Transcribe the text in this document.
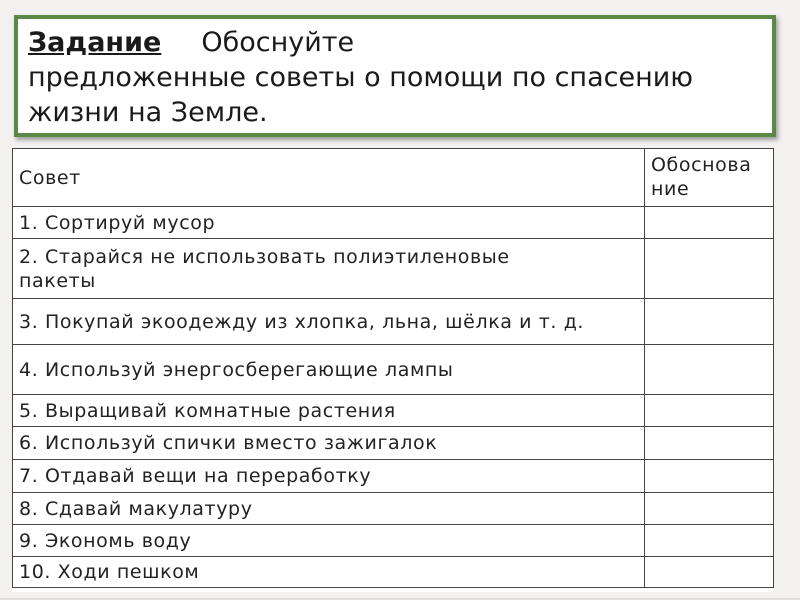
Задание Обоснуйте
предложенные советы о помощи по спасению жизни на Земле.
Совет	Обоснова
ние
1. Сортируй мусор	
2. Старайся не использовать полиэтиленовые
пакеты	
3. Покупай экоодежду из хлопка, льна, шёлка и т. д.	
4. Используй энергосберегающие лампы	
5. Выращивай комнатные растения	
6. Используй спички вместо зажигалок	
7. Отдавай вещи на переработку	
8. Сдавай макулатуру	
9. Экономь воду	
10. Ходи пешком	
